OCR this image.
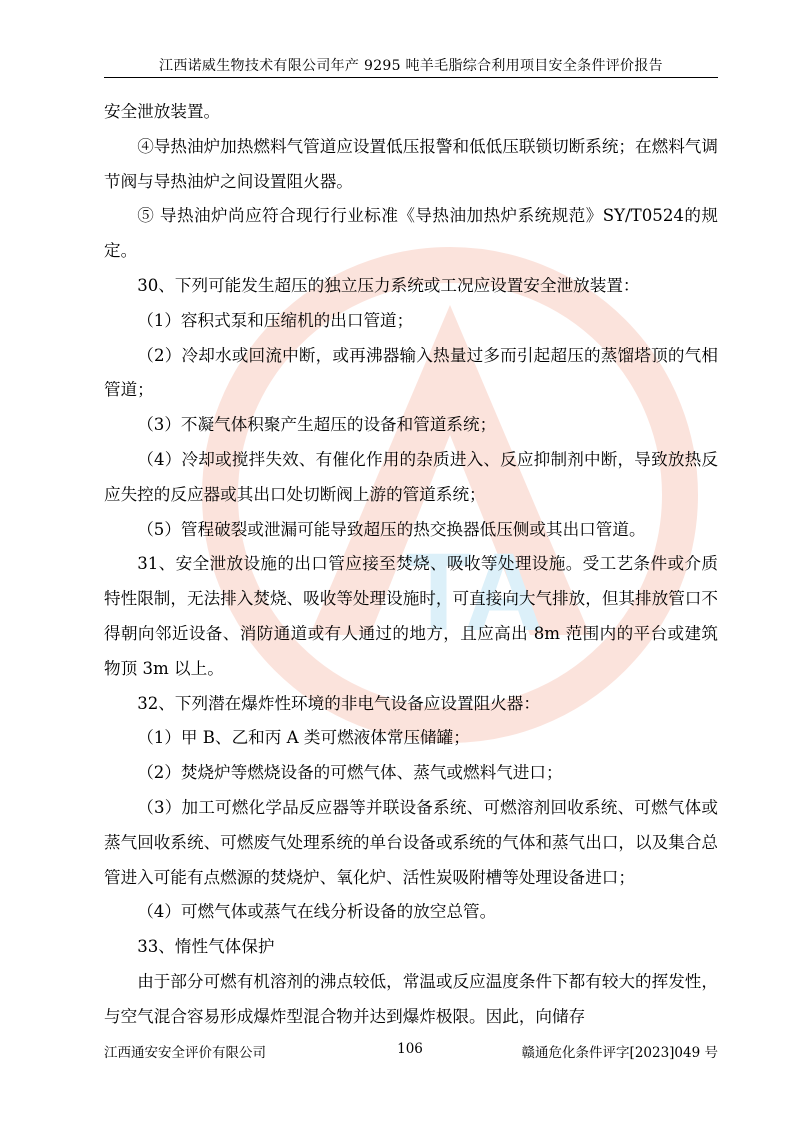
江西诺威生物技术有限公司年产 9295 吨羊毛脂综合利用项目安全条件评价报告
TA

安全泄放装置。

④导热油炉加热燃料气管道应设置低压报警和低低压联锁切断系统；在燃料气调节阀与导热油炉之间设置阻火器。

⑤ 导热油炉尚应符合现行行业标准《导热油加热炉系统规范》SY/T0524的规定。

30、下列可能发生超压的独立压力系统或工况应设置安全泄放装置：

（1）容积式泵和压缩机的出口管道；

（2）冷却水或回流中断，或再沸器输入热量过多而引起超压的蒸馏塔顶的气相管道；

（3）不凝气体积聚产生超压的设备和管道系统；

（4）冷却或搅拌失效、有催化作用的杂质进入、反应抑制剂中断，导致放热反应失控的反应器或其出口处切断阀上游的管道系统；

（5）管程破裂或泄漏可能导致超压的热交换器低压侧或其出口管道。

31、安全泄放设施的出口管应接至焚烧、吸收等处理设施。受工艺条件或介质特性限制，无法排入焚烧、吸收等处理设施时，可直接向大气排放，但其排放管口不得朝向邻近设备、消防通道或有人通过的地方，且应高出 8m 范围内的平台或建筑物顶 3m 以上。

32、下列潜在爆炸性环境的非电气设备应设置阻火器：

（1）甲 B、乙和丙 A 类可燃液体常压储罐；

（2）焚烧炉等燃烧设备的可燃气体、蒸气或燃料气进口；

（3）加工可燃化学品反应器等并联设备系统、可燃溶剂回收系统、可燃气体或蒸气回收系统、可燃废气处理系统的单台设备或系统的气体和蒸气出口，以及集合总管进入可能有点燃源的焚烧炉、氧化炉、活性炭吸附槽等处理设备进口；

（4）可燃气体或蒸气在线分析设备的放空总管。

33、惰性气体保护

由于部分可燃有机溶剂的沸点较低，常温或反应温度条件下都有较大的挥发性，与空气混合容易形成爆炸型混合物并达到爆炸极限。因此，向储存

江西通安安全评价有限公司	106	赣通危化条件评字[2023]049 号
